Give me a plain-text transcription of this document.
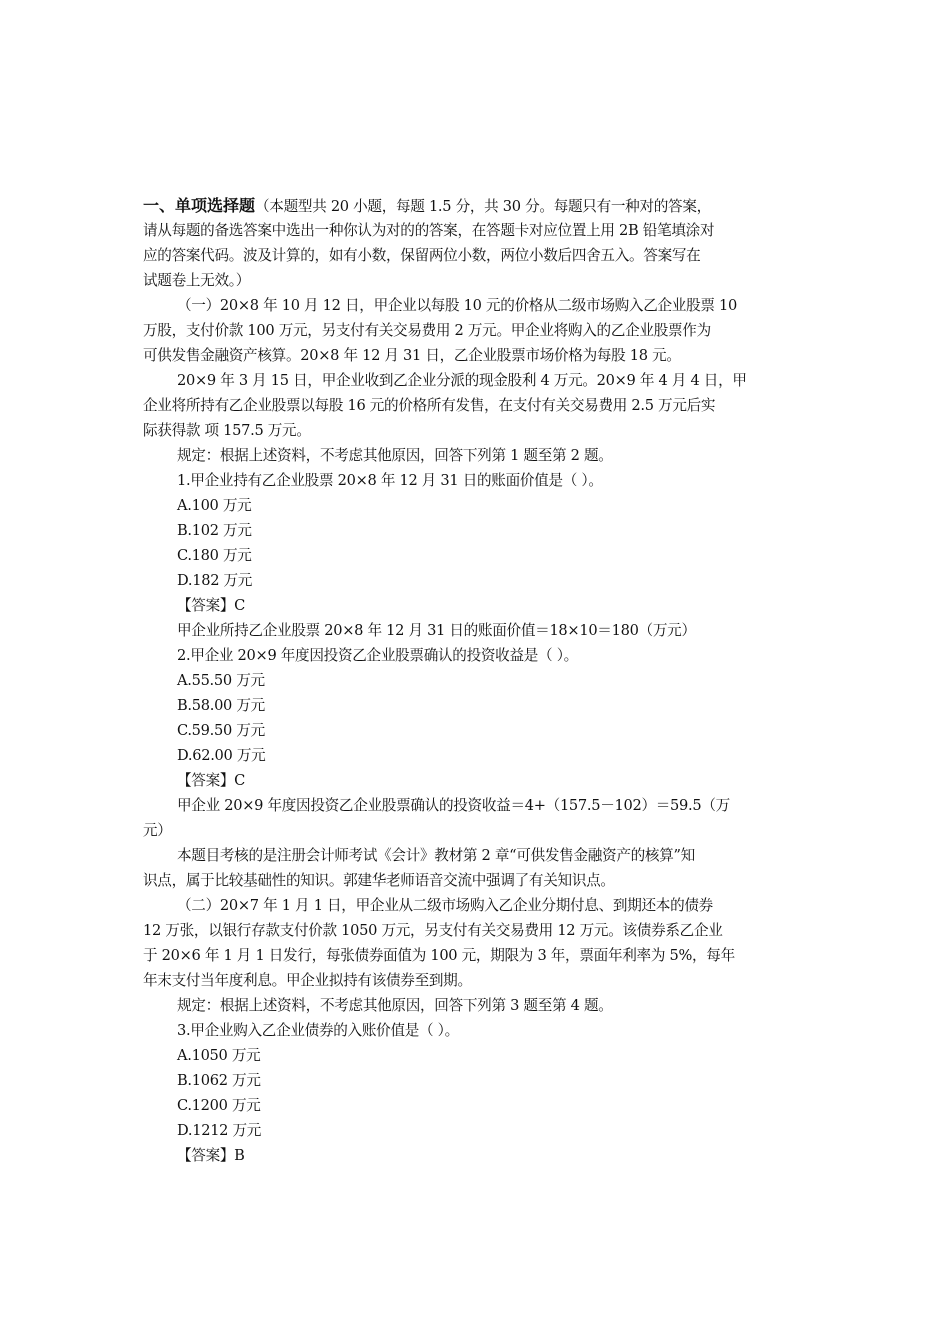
一、单项选择题（本题型共 20 小题，每题 1.5 分，共 30 分。每题只有一种对的答案，
请从每题的备选答案中选出一种你认为对的的答案，在答题卡对应位置上用 2B 铅笔填涂对
应的答案代码。波及计算的，如有小数，保留两位小数，两位小数后四舍五入。答案写在
试题卷上无效。）
（一）20×8 年 10 月 12 日，甲企业以每股 10 元的价格从二级市场购入乙企业股票 10
万股，支付价款 100 万元，另支付有关交易费用 2 万元。甲企业将购入的乙企业股票作为
可供发售金融资产核算。20×8 年 12 月 31 日，乙企业股票市场价格为每股 18 元。
20×9 年 3 月 15 日，甲企业收到乙企业分派的现金股利 4 万元。20×9 年 4 月 4 日，甲
企业将所持有乙企业股票以每股 16 元的价格所有发售，在支付有关交易费用 2.5 万元后实
际获得款 项 157.5 万元。
规定：根据上述资料，不考虑其他原因，回答下列第 1 题至第 2 题。
1.甲企业持有乙企业股票 20×8 年 12 月 31 日的账面价值是（ ）。
A.100 万元
B.102 万元
C.180 万元
D.182 万元
【答案】C
甲企业所持乙企业股票 20×8 年 12 月 31 日的账面价值＝18×10＝180（万元）
2.甲企业 20×9 年度因投资乙企业股票确认的投资收益是（ ）。
A.55.50 万元
B.58.00 万元
C.59.50 万元
D.62.00 万元
【答案】C
甲企业 20×9 年度因投资乙企业股票确认的投资收益＝4+（157.5－102）＝59.5（万
元）
本题目考核的是注册会计师考试《会计》教材第 2 章“可供发售金融资产的核算”知
识点，属于比较基础性的知识。郭建华老师语音交流中强调了有关知识点。
（二）20×7 年 1 月 1 日，甲企业从二级市场购入乙企业分期付息、到期还本的债券
12 万张，以银行存款支付价款 1050 万元，另支付有关交易费用 12 万元。该债券系乙企业
于 20×6 年 1 月 1 日发行，每张债券面值为 100 元，期限为 3 年，票面年利率为 5%，每年
年末支付当年度利息。甲企业拟持有该债券至到期。
规定：根据上述资料，不考虑其他原因，回答下列第 3 题至第 4 题。
3.甲企业购入乙企业债券的入账价值是（ ）。
A.1050 万元
B.1062 万元
C.1200 万元
D.1212 万元
【答案】B
